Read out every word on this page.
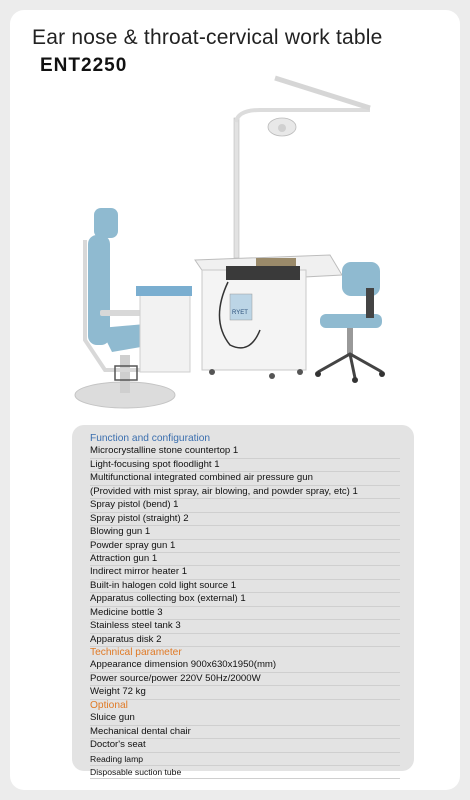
Ear nose & throat-cervical work table
ENT2250
RYET
Function and configuration
Microcrystalline stone countertop 1
Light-focusing spot floodlight 1
Multifunctional integrated combined air pressure gun
(Provided with mist spray, air blowing, and powder spray, etc) 1
Spray pistol (bend) 1
Spray pistol (straight) 2
Blowing gun 1
Powder spray gun 1
Attraction gun 1
Indirect mirror heater 1
Built-in halogen cold light source 1
Apparatus collecting box (external) 1
Medicine bottle 3
Stainless steel tank 3
Apparatus disk 2
Technical parameter
Appearance dimension 900x630x1950(mm)
Power source/power 220V 50Hz/2000W
Weight 72 kg
Optional
Sluice gun
Mechanical dental chair
Doctor's seat
Reading lamp
Disposable suction tube
